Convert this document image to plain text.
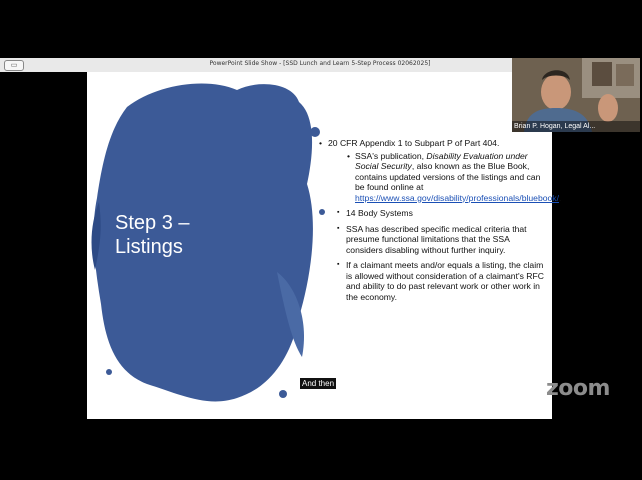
▭	PowerPoint Slide Show - [SSD Lunch and Learn 5-Step Process 02062025]
Step 3 –
Listings
• 20 CFR Appendix 1 to Subpart P of Part 404.
• SSA's publication, Disability Evaluation under Social Security, also known as the Blue Book, contains updated versions of the listings and can be found online at https://www.ssa.gov/disability/professionals/bluebook/.
▪ 14 Body Systems
▪ SSA has described specific medical criteria that presume functional limitations that the SSA considers disabling without further inquiry.
▪ If a claimant meets and/or equals a listing, the claim is allowed without consideration of a claimant's RFC and ability to do past relevant work or other work in the economy.
And then	zoom
Brian P. Hogan, Legal Al...
